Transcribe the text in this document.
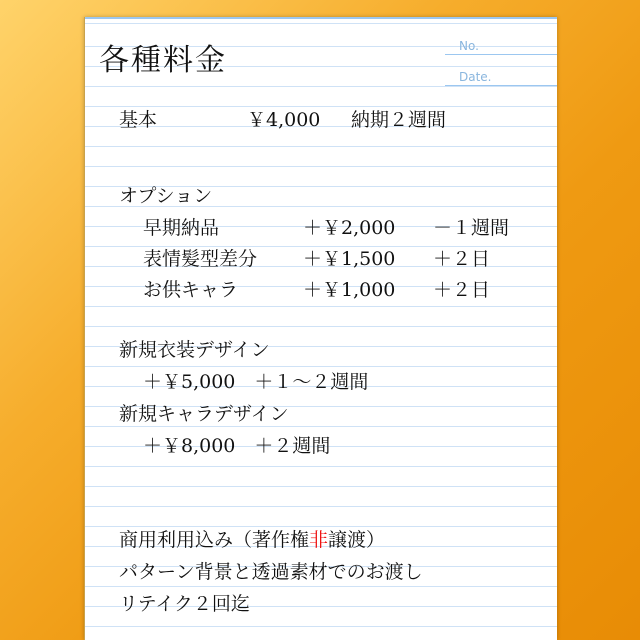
各種料金	No.
Date.
基本	￥4,000 納期２週間
オプション
早期納品	＋￥2,000 －１週間
表情髪型差分 ＋￥1,500 ＋２日
お供キャラ	＋￥1,000 ＋２日
新規衣装デザイン
＋￥5,000　＋１～２週間
新規キャラデザイン
＋￥8,000　＋２週間
商用利用込み（著作権非譲渡）
パターン背景と透過素材でのお渡し
リテイク２回迄
